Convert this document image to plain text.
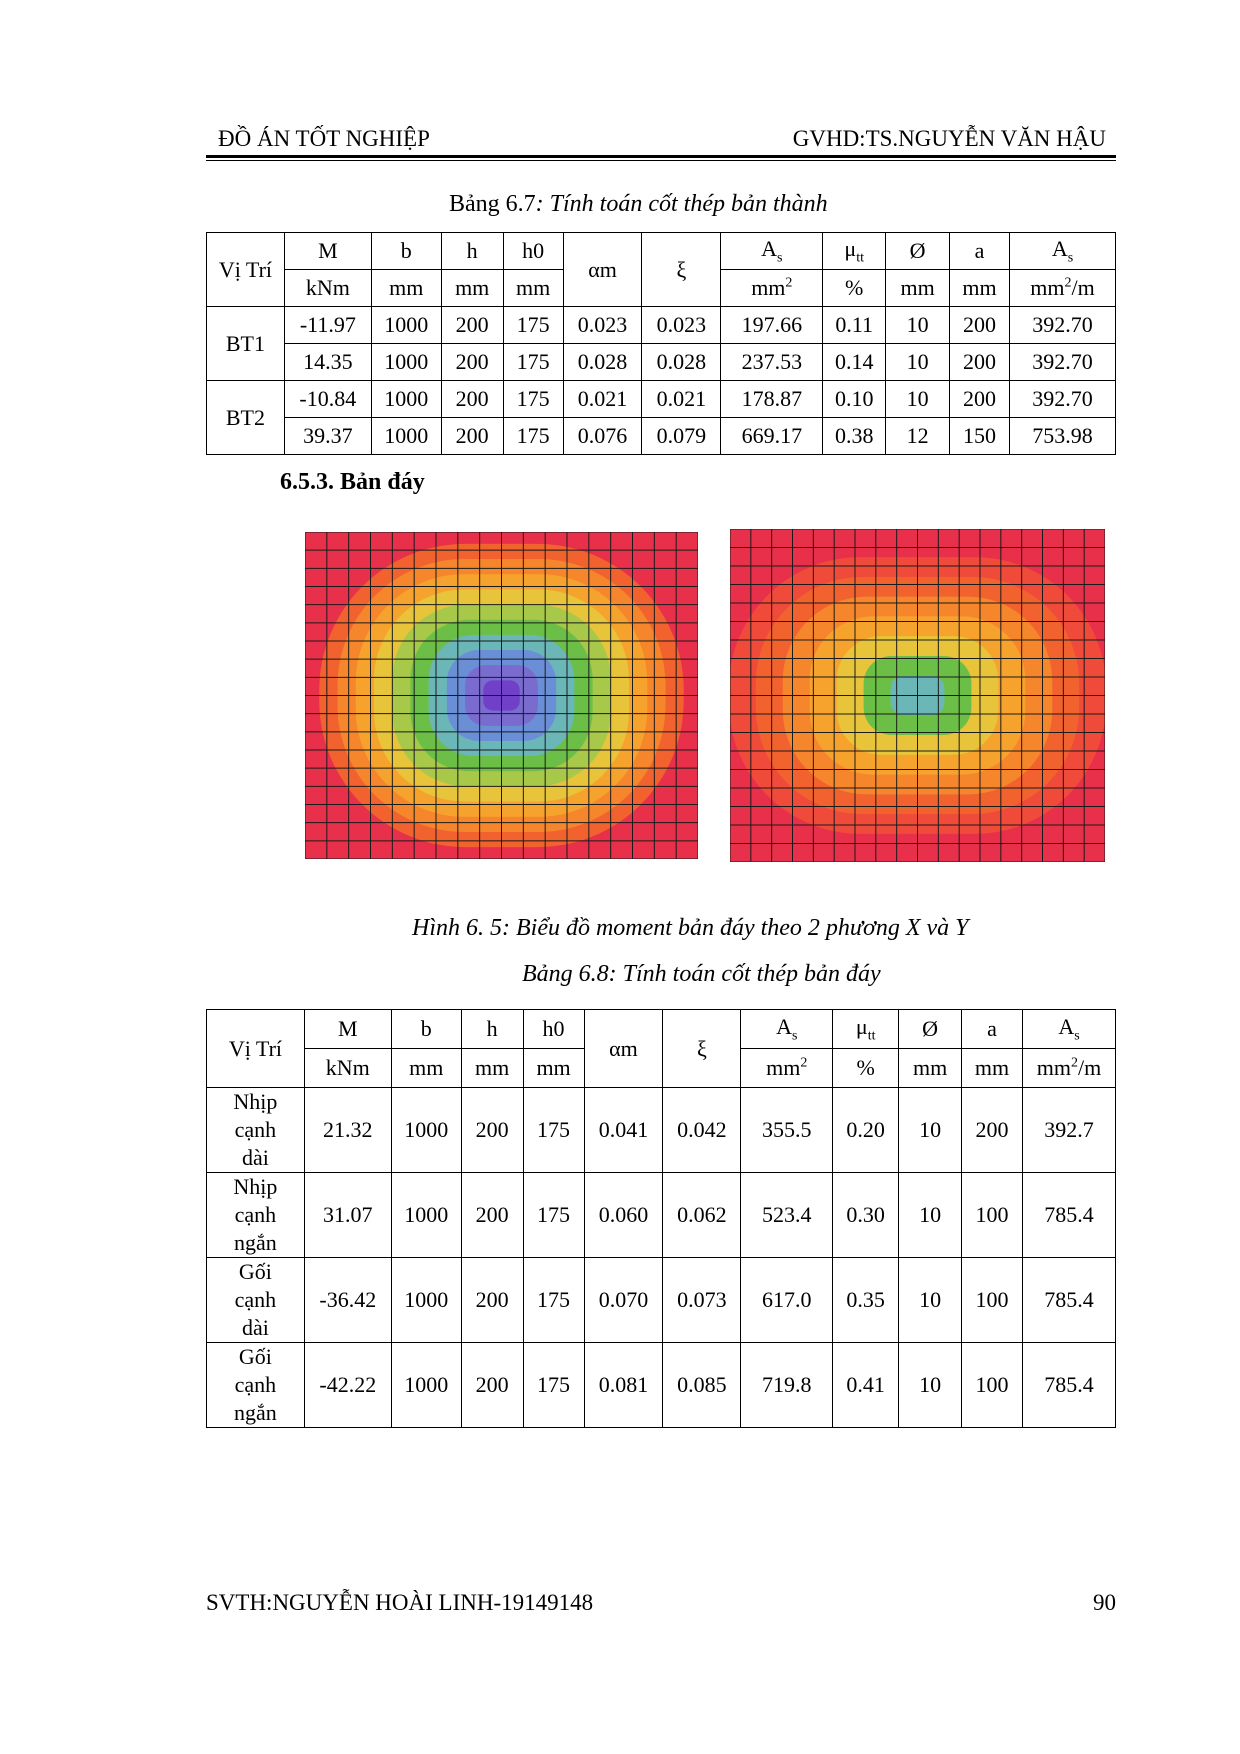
ĐỒ ÁN TỐT NGHIỆP	GVHD:TS.NGUYỄN VĂN HẬU
Bảng 6.7: Tính toán cốt thép bản thành
Vị Trí	M	b	h	h0	αm	ξ	$A_s$	$\mu_{tt}$	Ø	a	$A_s$
	kNm	mm	mm	mm			$mm^2$	%	mm	mm	$mm^2/m$
BT1	-11.97	1000	200	175	0.023	0.023	197.66	0.11	10	200	392.70
	14.35	1000	200	175	0.028	0.028	237.53	0.14	10	200	392.70
BT2	-10.84	1000	200	175	0.021	0.021	178.87	0.10	10	200	392.70
	39.37	1000	200	175	0.076	0.079	669.17	0.38	12	150	753.98
6.5.3. Bản đáy
Hình 6. 5: Biểu đồ moment bản đáy theo 2 phương X và Y
Bảng 6.8: Tính toán cốt thép bản đáy
Vị Trí	M	b	h	h0	αm	ξ	$A_s$	$\mu_{tt}$	Ø	a	$A_s$
	kNm	mm	mm	mm			$mm^2$	%	mm	mm	$mm^2/m$

Nhịp
cạnh
dài	21.32	1000	200	175	0.041	0.042	355.5	0.20	10	200	392.7

Nhịp
cạnh
ngắn	31.07	1000	200	175	0.060	0.062	523.4	0.30	10	100	785.4

Gối
cạnh
dài	-36.42	1000	200	175	0.070	0.073	617.0	0.35	10	100	785.4

Gối
cạnh
ngắn	-42.22	1000	200	175	0.081	0.085	719.8	0.41	10	100	785.4
SVTH:NGUYỄN HOÀI LINH-19149148	90
